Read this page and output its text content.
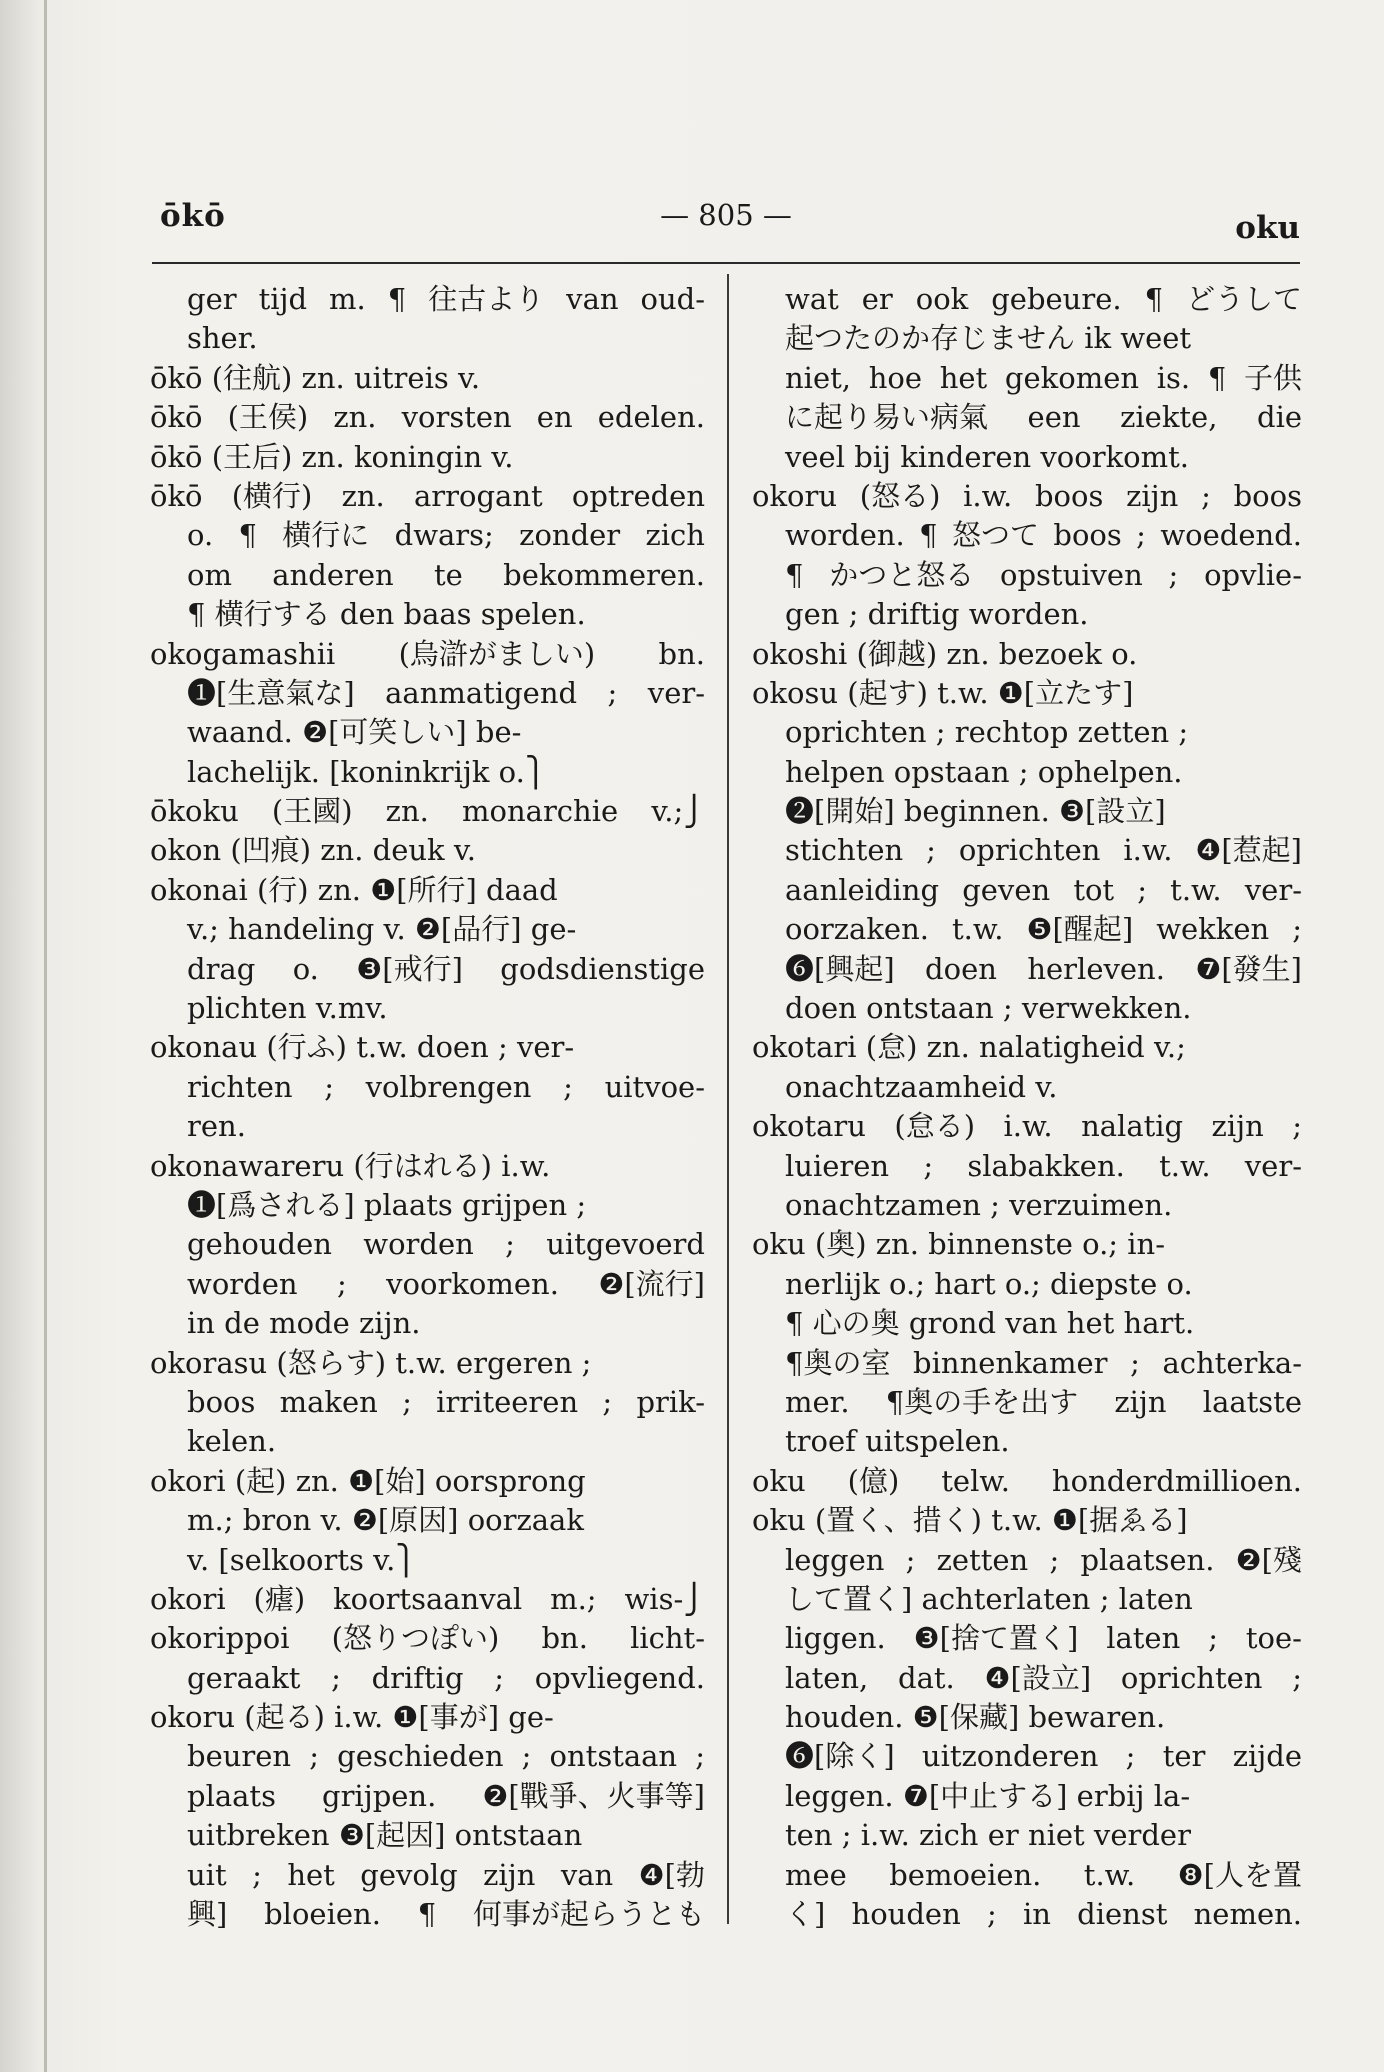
ōkō	— 805 —	oku
ger tijd m. ¶ 往古より van oud-
sher.
ōkō (往航) zn. uitreis v.
ōkō (王侯) zn. vorsten en edelen.
ōkō (王后) zn. koningin v.
ōkō (横行) zn. arrogant optreden
o. ¶ 横行に dwars; zonder zich
om anderen te bekommeren.
¶ 横行する den baas spelen.
okogamashii (烏滸がましい) bn.
❶[生意氣な] aanmatigend ; ver-
waand. ❷[可笑しい] be-
lachelijk. [koninkrijk o.⎫
ōkoku (王國) zn. monarchie v.;⎭
okon (凹痕) zn. deuk v.
okonai (行) zn. ❶[所行] daad
v.; handeling v. ❷[品行] ge-
drag o. ❸[戒行] godsdienstige
plichten v.mv.
okonau (行ふ) t.w. doen ; ver-
richten ; volbrengen ; uitvoe-
ren.
okonawareru (行はれる) i.w.
❶[爲される] plaats grijpen ;
gehouden worden ; uitgevoerd
worden ; voorkomen. ❷[流行]
in de mode zijn.
okorasu (怒らす) t.w. ergeren ;
boos maken ; irriteeren ; prik-
kelen.
okori (起) zn. ❶[始] oorsprong
m.; bron v. ❷[原因] oorzaak
v. [selkoorts v.⎫
okori (瘧) koortsaanval m.; wis-⎭
okorippoi (怒りつぽい) bn. licht-
geraakt ; driftig ; opvliegend.
okoru (起る) i.w. ❶[事が] ge-
beuren ; geschieden ; ontstaan ;
plaats grijpen. ❷[戰爭、火事等]
uitbreken ❸[起因] ontstaan
uit ; het gevolg zijn van ❹[勃
興] bloeien. ¶ 何事が起らうとも
wat er ook gebeure. ¶ どうして
起つたのか存じません ik weet
niet, hoe het gekomen is. ¶ 子供
に起り易い病氣 een ziekte, die
veel bij kinderen voorkomt.
okoru (怒る) i.w. boos zijn ; boos
worden. ¶ 怒つて boos ; woedend.
¶ かつと怒る opstuiven ; opvlie-
gen ; driftig worden.
okoshi (御越) zn. bezoek o.
okosu (起す) t.w. ❶[立たす]
oprichten ; rechtop zetten ;
helpen opstaan ; ophelpen.
❷[開始] beginnen. ❸[設立]
stichten ; oprichten i.w. ❹[惹起]
aanleiding geven tot ; t.w. ver-
oorzaken. t.w. ❺[醒起] wekken ;
❻[興起] doen herleven. ❼[發生]
doen ontstaan ; verwekken.
okotari (怠) zn. nalatigheid v.;
onachtzaamheid v.
okotaru (怠る) i.w. nalatig zijn ;
luieren ; slabakken. t.w. ver-
onachtzamen ; verzuimen.
oku (奥) zn. binnenste o.; in-
nerlijk o.; hart o.; diepste o.
¶ 心の奥 grond van het hart.
¶奥の室 binnenkamer ; achterka-
mer. ¶奥の手を出す zijn laatste
troef uitspelen.
oku (億) telw. honderdmillioen.
oku (置く、措く) t.w. ❶[据ゑる]
leggen ; zetten ; plaatsen. ❷[殘
して置く] achterlaten ; laten
liggen. ❸[捨て置く] laten ; toe-
laten, dat. ❹[設立] oprichten ;
houden. ❺[保藏] bewaren.
❻[除く] uitzonderen ; ter zijde
leggen. ❼[中止する] erbij la-
ten ; i.w. zich er niet verder
mee bemoeien. t.w. ❽[人を置
く] houden ; in dienst nemen.
